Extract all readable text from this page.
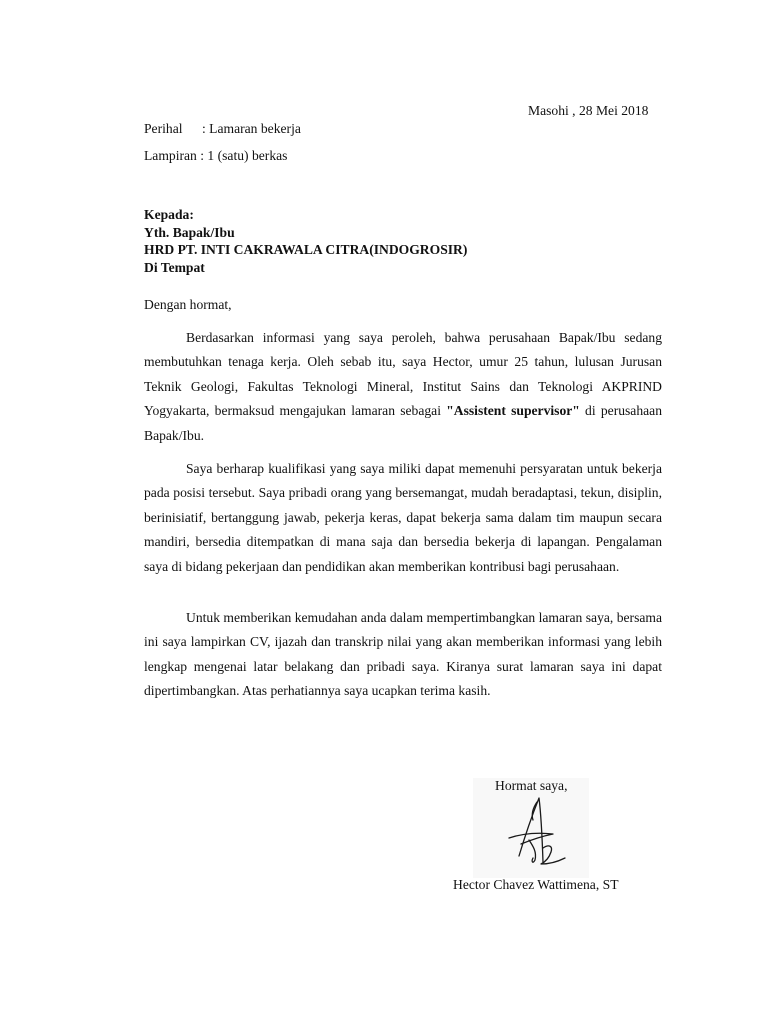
Masohi , 28 Mei 2018
Perihal : Lamaran bekerja
Lampiran : 1 (satu) berkas
Kepada:
Yth. Bapak/Ibu
HRD PT. INTI CAKRAWALA CITRA(INDOGROSIR)
Di Tempat
Dengan hormat,

Berdasarkan informasi yang saya peroleh, bahwa perusahaan Bapak/Ibu sedang membutuhkan tenaga kerja. Oleh sebab itu, saya Hector, umur 25 tahun, lulusan Jurusan Teknik Geologi, Fakultas Teknologi Mineral, Institut Sains dan Teknologi AKPRIND Yogyakarta, bermaksud mengajukan lamaran sebagai "Assistent supervisor" di perusahaan Bapak/Ibu.

Saya berharap kualifikasi yang saya miliki dapat memenuhi persyaratan untuk bekerja pada posisi tersebut. Saya pribadi orang yang bersemangat, mudah beradaptasi, tekun, disiplin, berinisiatif, bertanggung jawab, pekerja keras, dapat bekerja sama dalam tim maupun secara mandiri, bersedia ditempatkan di mana saja dan bersedia bekerja di lapangan. Pengalaman saya di bidang pekerjaan dan pendidikan akan memberikan kontribusi bagi perusahaan.

Untuk memberikan kemudahan anda dalam mempertimbangkan lamaran saya, bersama ini saya lampirkan CV, ijazah dan transkrip nilai yang akan memberikan informasi yang lebih lengkap mengenai latar belakang dan pribadi saya. Kiranya surat lamaran saya ini dapat dipertimbangkan. Atas perhatiannya saya ucapkan terima kasih.

Hormat saya,
Hector Chavez Wattimena, ST
